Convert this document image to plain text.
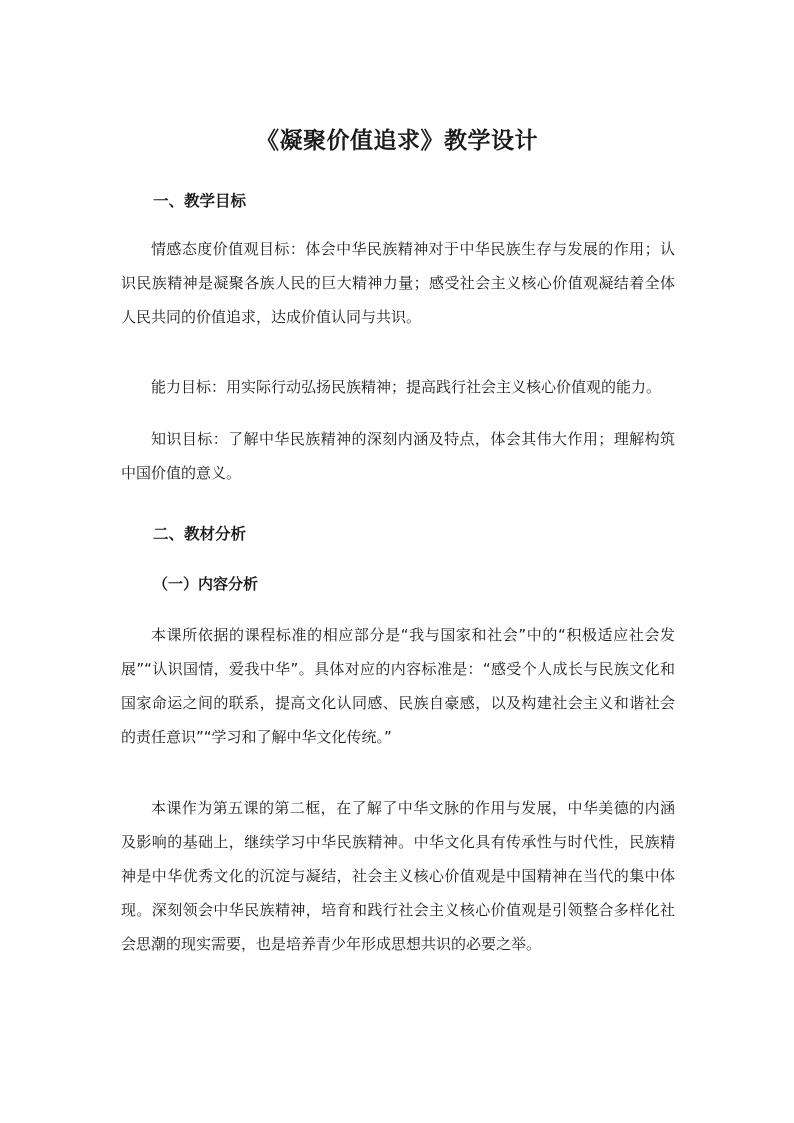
《凝聚价值追求》教学设计
一、教学目标

情感态度价值观目标：体会中华民族精神对于中华民族生存与发展的作用；认识民族精神是凝聚各族人民的巨大精神力量；感受社会主义核心价值观凝结着全体人民共同的价值追求，达成价值认同与共识。

能力目标：用实际行动弘扬民族精神；提高践行社会主义核心价值观的能力。

知识目标：了解中华民族精神的深刻内涵及特点，体会其伟大作用；理解构筑中国价值的意义。

二、教材分析
（一）内容分析

本课所依据的课程标准的相应部分是“我与国家和社会”中的“积极适应社会发展”“认识国情，爱我中华”。具体对应的内容标准是：“感受个人成长与民族文化和国家命运之间的联系，提高文化认同感、民族自豪感，以及构建社会主义和谐社会的责任意识”“学习和了解中华文化传统。”

本课作为第五课的第二框，在了解了中华文脉的作用与发展，中华美德的内涵及影响的基础上，继续学习中华民族精神。中华文化具有传承性与时代性，民族精神是中华优秀文化的沉淀与凝结，社会主义核心价值观是中国精神在当代的集中体现。深刻领会中华民族精神，培育和践行社会主义核心价值观是引领整合多样化社会思潮的现实需要，也是培养青少年形成思想共识的必要之举。
